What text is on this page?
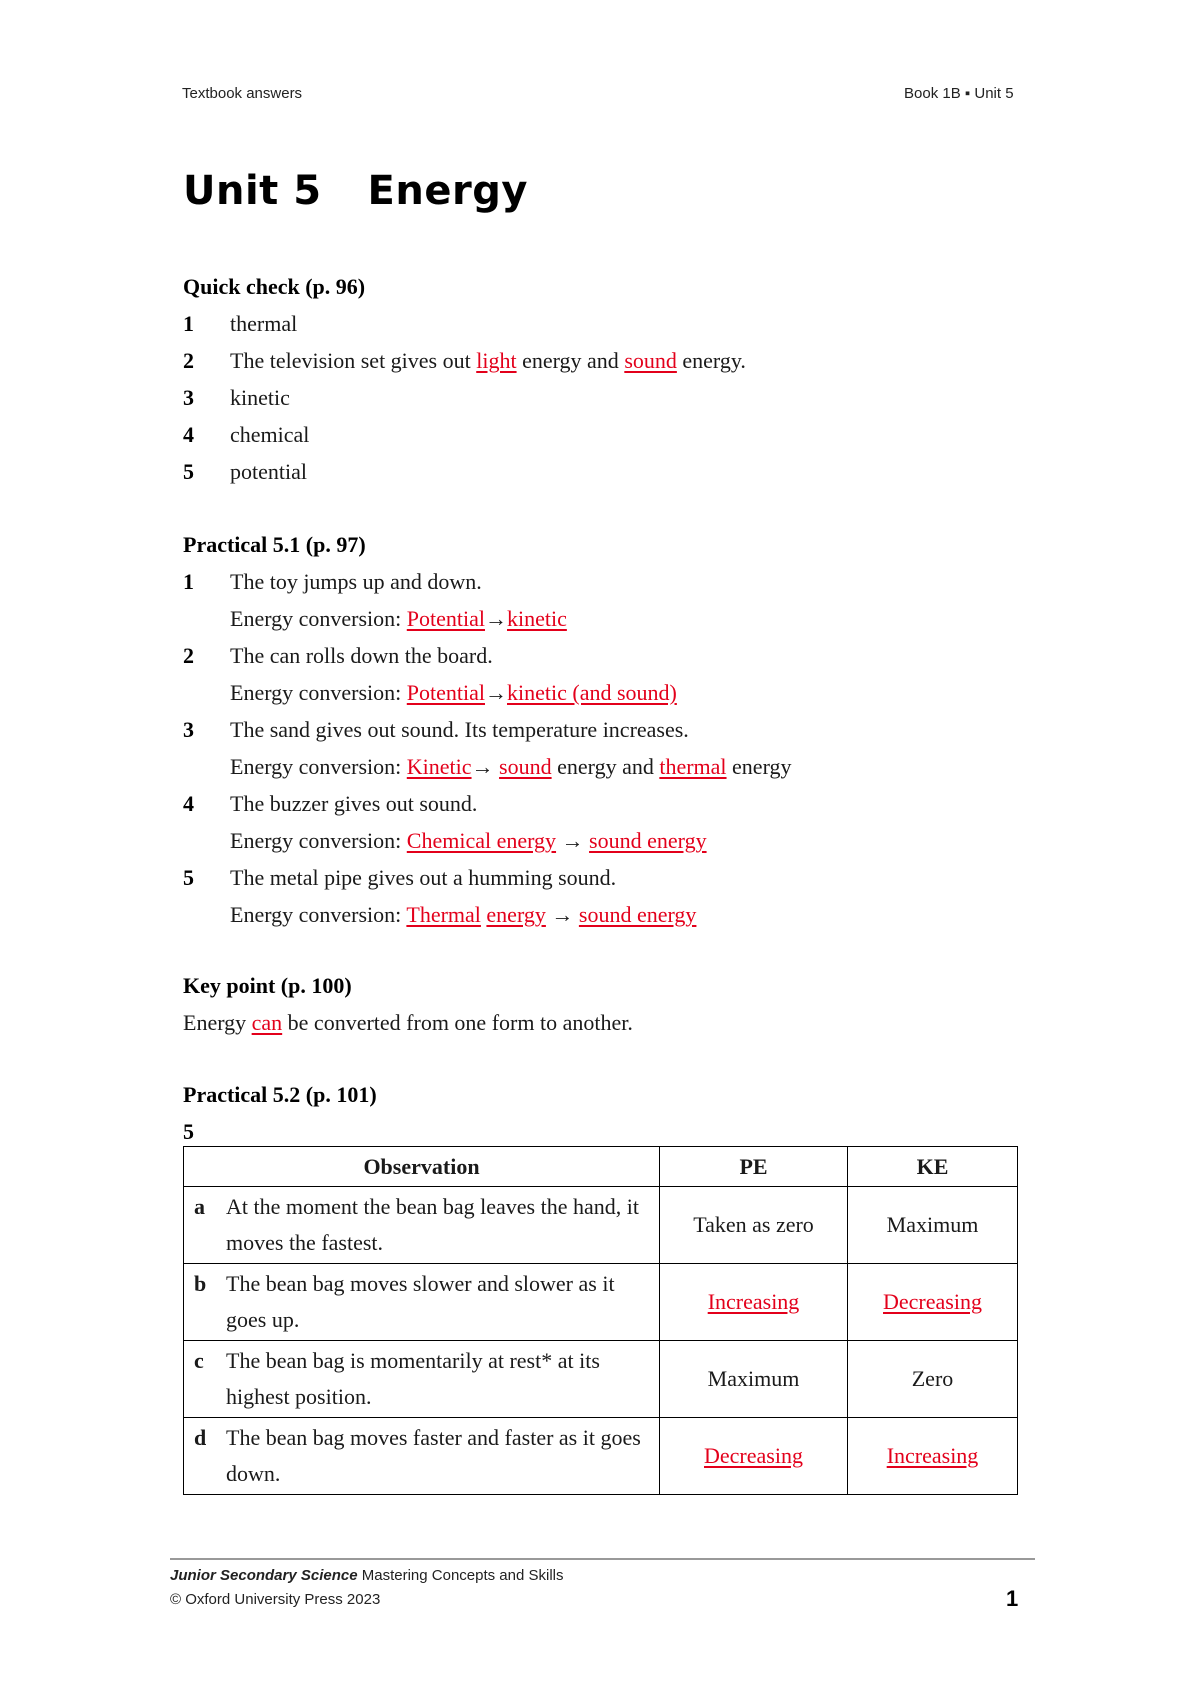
Textbook answers	Book 1B ▪ Unit 5
Unit 5 Energy
Quick check (p. 96)
1 thermal
2 The television set gives out light energy and sound energy.
3 kinetic
4 chemical
5 potential
Practical 5.1 (p. 97)
1 The toy jumps up and down.
Energy conversion: Potential→kinetic
2 The can rolls down the board.
Energy conversion: Potential→kinetic (and sound)
3 The sand gives out sound. Its temperature increases.
Energy conversion: Kinetic→ sound energy and thermal energy
4 The buzzer gives out sound.
Energy conversion: Chemical energy → sound energy
5 The metal pipe gives out a humming sound.
Energy conversion: Thermal energy → sound energy
Key point (p. 100)
Energy can be converted from one form to another.
Practical 5.2 (p. 101)
5
Observation	PE	KE

a At the moment the bean bag leaves the hand, it moves the fastest.	Taken as zero	Maximum

b The bean bag moves slower and slower as it goes up.	Increasing	Decreasing

c The bean bag is momentarily at rest* at its highest position.	Maximum	Zero

d The bean bag moves faster and faster as it goes down.	Decreasing	Increasing
Junior Secondary Science Mastering Concepts and Skills
© Oxford University Press 2023	1
